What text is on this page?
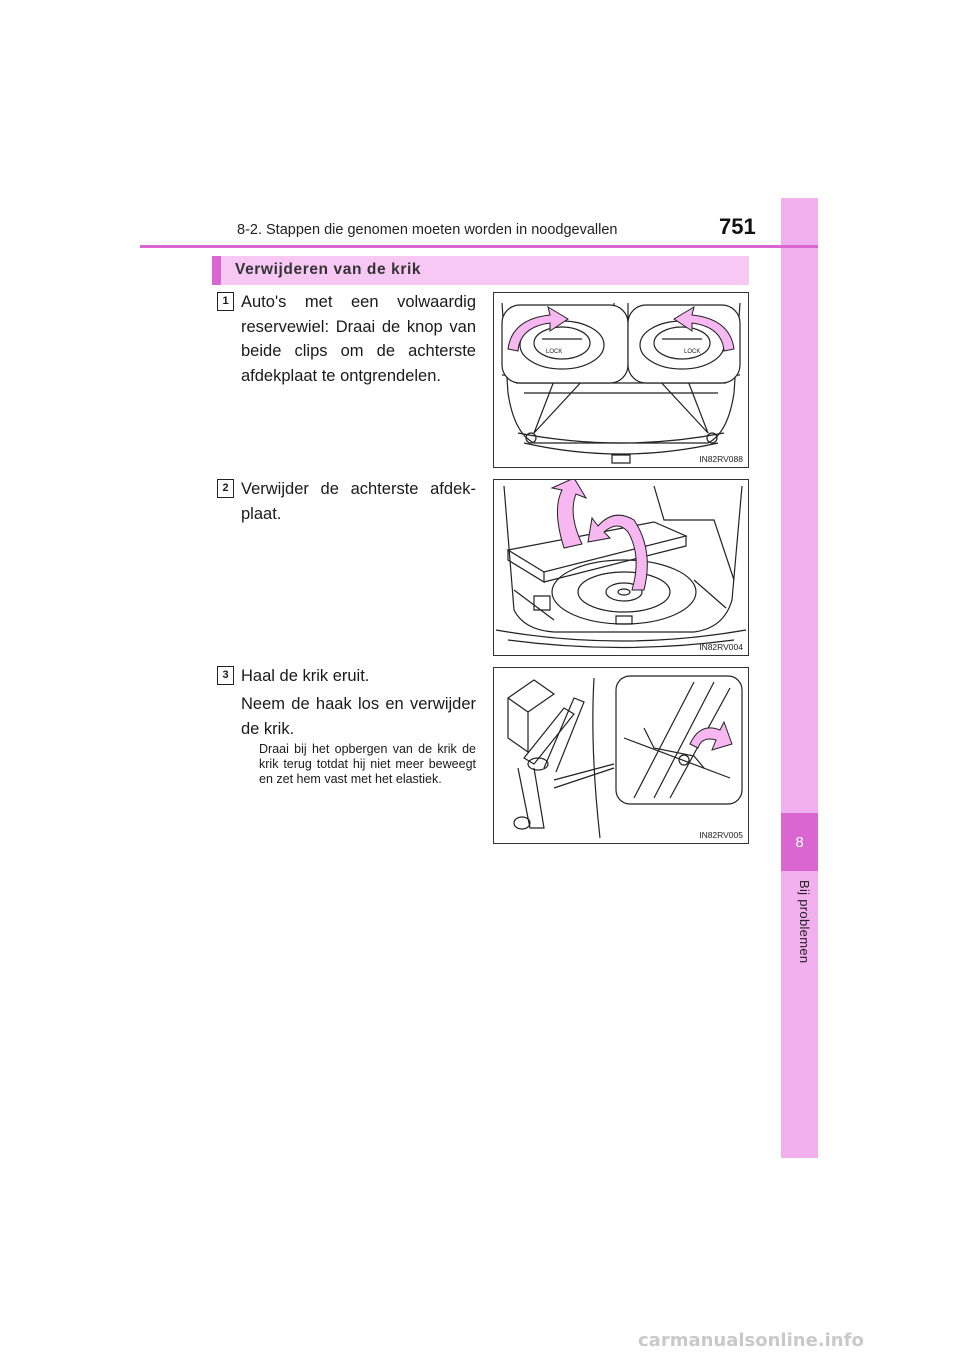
8
Bij problemen
8-2. Stappen die genomen moeten worden in noodgevallen	751
Verwijderen van de krik
1 Auto's met een volwaardig reservewiel: Draai de knop van beide clips om de achterste afdekplaat te ontgrendelen.

LOCK	LOCK
IN82RV088
2 Verwijder de achterste afdek-plaat.

IN82RV004
3 Haal de krik eruit.

Neem de haak los en verwijder de krik.

Draai bij het opbergen van de krik de krik terug totdat hij niet meer beweegt en zet hem vast met het elastiek.

IN82RV005
carmanualsonline.info
